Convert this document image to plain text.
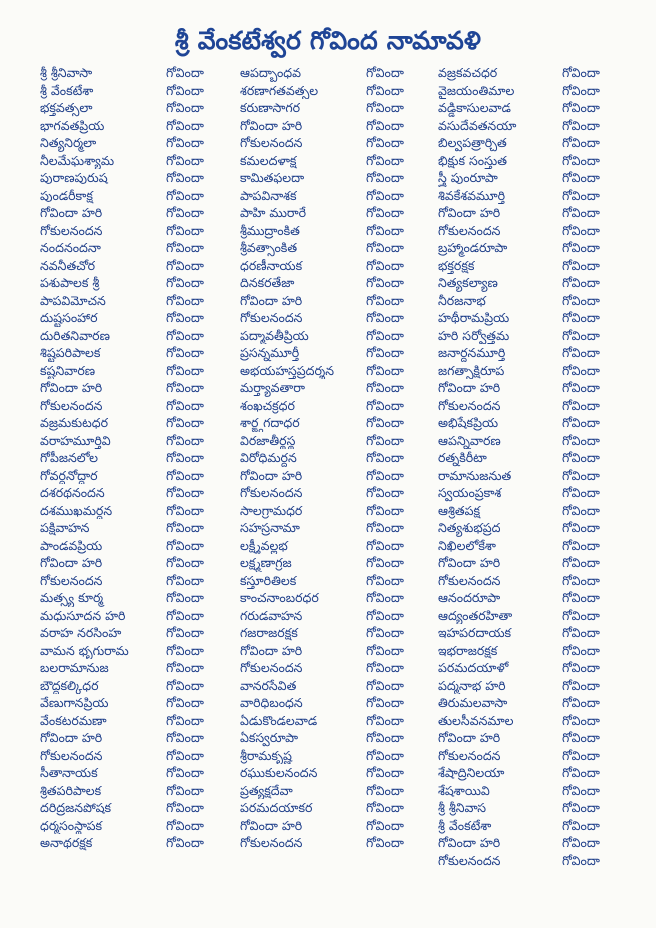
శ్రీ వేంకటేశ్వర గోవింద నామావళి
శ్రీ శ్రీనివాసా	గోవిందా
శ్రీ వేంకటేశా	గోవిందా
భక్తవత్సలా	గోవిందా
భాగవతప్రియ	గోవిందా
నిత్యనిర్మలా	గోవిందా
నీలమేఘశ్యామ	గోవిందా
పురాణపురుష	గోవిందా
పుండరీకాక్ష	గోవిందా
గోవిందా హరి	గోవిందా
గోకులనందన	గోవిందా
నందనందనా	గోవిందా
నవనీతచోర	గోవిందా
పశుపాలక శ్రీ	గోవిందా
పాపవిమోచన	గోవిందా
దుష్టసంహార	గోవిందా
దురితనివారణ	గోవిందా
శిష్టపరిపాలక	గోవిందా
కష్టనివారణ	గోవిందా
గోవిందా హరి	గోవిందా
గోకులనందన	గోవిందా
వజ్రమకుటధర	గోవిందా
వరాహమూర్తివి	గోవిందా
గోపీజనలోల	గోవిందా
గోవర్ధనోద్ధార	గోవిందా
దశరథనందన	గోవిందా
దశముఖమర్దన	గోవిందా
పక్షివాహన	గోవిందా
పాండవప్రియ	గోవిందా
గోవిందా హరి	గోవిందా
గోకులనందన	గోవిందా
మత్స్య కూర్మ	గోవిందా
మధుసూదన హరి	గోవిందా
వరాహ నరసింహ	గోవిందా
వామన భృగురామ	గోవిందా
బలరామానుజ	గోవిందా
బౌద్ధకల్కిధర	గోవిందా
వేణుగానప్రియ	గోవిందా
వేంకటరమణా	గోవిందా
గోవిందా హరి	గోవిందా
గోకులనందన	గోవిందా
సీతానాయక	గోవిందా
శ్రితపరిపాలక	గోవిందా
దరిద్రజనపోషక	గోవిందా
ధర్మసంస్థాపక	గోవిందా
అనాథరక్షక	గోవిందా
ఆపద్బాంధవ	గోవిందా
శరణాగతవత్సల	గోవిందా
కరుణాసాగర	గోవిందా
గోవిందా హరి	గోవిందా
గోకులనందన	గోవిందా
కమలదళాక్ష	గోవిందా
కామితఫలదా	గోవిందా
పాపవినాశక	గోవిందా
పాహి మురారే	గోవిందా
శ్రీముద్రాంకిత	గోవిందా
శ్రీవత్సాంకిత	గోవిందా
ధరణీనాయక	గోవిందా
దినకరతేజా	గోవిందా
గోవిందా హరి	గోవిందా
గోకులనందన	గోవిందా
పద్మావతీప్రియ	గోవిందా
ప్రసన్నమూర్తీ	గోవిందా
అభయహస్తప్రదర్శన	గోవిందా
మర్త్యావతారా	గోవిందా
శంఖచక్రధర	గోవిందా
శార్ఙ్గగదాధర	గోవిందా
విరజాతీర్థస్థ	గోవిందా
విరోధిమర్దన	గోవిందా
గోవిందా హరి	గోవిందా
గోకులనందన	గోవిందా
సాలగ్రామధర	గోవిందా
సహస్రనామా	గోవిందా
లక్ష్మీవల్లభ	గోవిందా
లక్ష్మణాగ్రజ	గోవిందా
కస్తూరితిలక	గోవిందా
కాంచనాంబరధర	గోవిందా
గరుడవాహన	గోవిందా
గజరాజరక్షక	గోవిందా
గోవిందా హరి	గోవిందా
గోకులనందన	గోవిందా
వానరసేవిత	గోవిందా
వారిధిబంధన	గోవిందా
ఏడుకొండలవాడ	గోవిందా
ఏకస్వరూపా	గోవిందా
శ్రీరామకృష్ణ	గోవిందా
రఘుకులనందన	గోవిందా
ప్రత్యక్షదేవా	గోవిందా
పరమదయాకర	గోవిందా
గోవిందా హరి	గోవిందా
గోకులనందన	గోవిందా
వజ్రకవచధర	గోవిందా
వైజయంతిమాల	గోవిందా
వడ్డికాసులవాడ	గోవిందా
వసుదేవతనయా	గోవిందా
బిల్వపత్రార్చిత	గోవిందా
భిక్షుక సంస్తుత	గోవిందా
స్త్రీ పుంరూపా	గోవిందా
శివకేశవమూర్తి	గోవిందా
గోవిందా హరి	గోవిందా
గోకులనందన	గోవిందా
బ్రహ్మాండరూపా	గోవిందా
భక్తరక్షక	గోవిందా
నిత్యకల్యాణ	గోవిందా
నీరజనాభ	గోవిందా
హథీరామప్రియ	గోవిందా
హరి సర్వోత్తమ	గోవిందా
జనార్దనమూర్తి	గోవిందా
జగత్సాక్షిరూప	గోవిందా
గోవిందా హరి	గోవిందా
గోకులనందన	గోవిందా
అభిషేకప్రియ	గోవిందా
ఆపన్నివారణ	గోవిందా
రత్నకిరీటా	గోవిందా
రామానుజనుత	గోవిందా
స్వయంప్రకాశ	గోవిందా
ఆశ్రితపక్ష	గోవిందా
నిత్యశుభప్రద	గోవిందా
నిఖిలలోకేశా	గోవిందా
గోవిందా హరి	గోవిందా
గోకులనందన	గోవిందా
ఆనందరూపా	గోవిందా
ఆద్యంతరహితా	గోవిందా
ఇహపరదాయక	గోవిందా
ఇభరాజరక్షక	గోవిందా
పరమదయాళో	గోవిందా
పద్మనాభ హరి	గోవిందా
తిరుమలవాసా	గోవిందా
తులసీవనమాల	గోవిందా
గోవిందా హరి	గోవిందా
గోకులనందన	గోవిందా
శేషాద్రినిలయా	గోవిందా
శేషశాయివి	గోవిందా
శ్రీ శ్రీనివాస	గోవిందా
శ్రీ వేంకటేశా	గోవిందా
గోవిందా హరి	గోవిందా
గోకులనందన	గోవిందా
